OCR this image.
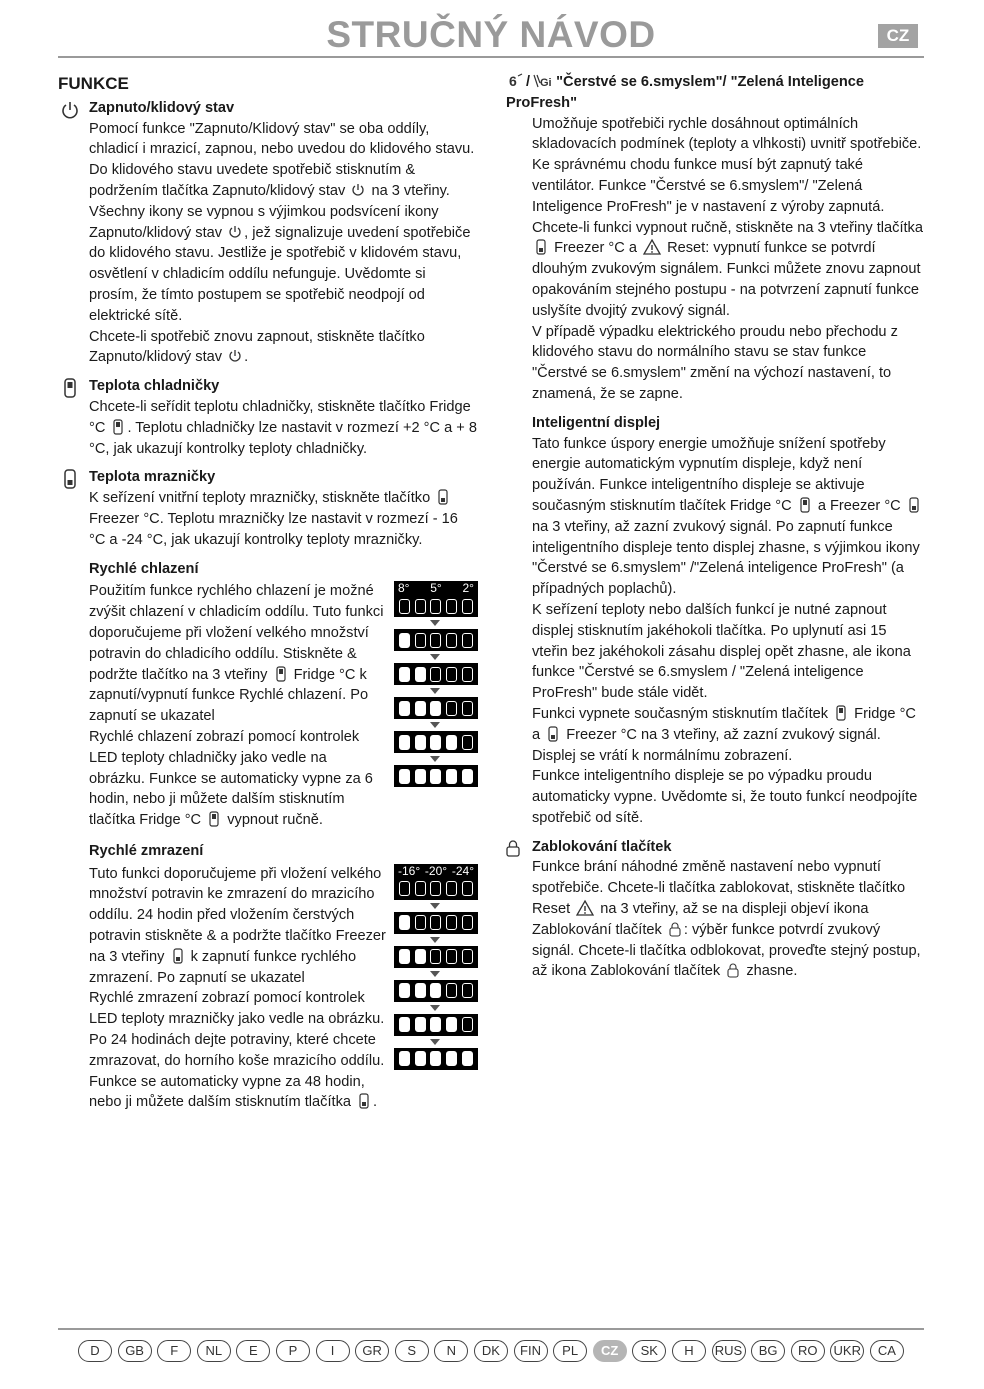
STRUČNÝ NÁVOD	CZ
FUNKCE
Zapnuto/klidový stav

Pomocí funkce "Zapnuto/Klidový stav" se oba oddíly, chladicí i mrazicí, zapnou, nebo uvedou do klidového stavu.

Do klidového stavu uvedete spotřebič stisknutím & podržením tlačítka Zapnuto/klidový stav na 3 vteřiny. Všechny ikony se vypnou s výjimkou podsvícení ikony Zapnuto/klidový stav , jež signalizuje uvedení spotřebiče do klidového stavu. Jestliže je spotřebič v klidovém stavu, osvětlení v chladicím oddílu nefunguje. Uvědomte si prosím, že tímto postupem se spotřebič neodpojí od elektrické sítě.

Chcete-li spotřebič znovu zapnout, stiskněte tlačítko Zapnuto/klidový stav .

Teplota chladničky

Chcete-li seřídit teplotu chladničky, stiskněte tlačítko Fridge °C . Teplotu chladničky lze nastavit v rozmezí +2 °C a + 8 °C, jak ukazují kontrolky teploty chladničky.

Teplota mrazničky

K seřízení vnitřní teploty mrazničky, stiskněte tlačítko  Freezer °C. Teplotu mrazničky lze nastavit v rozmezí - 16 °C a -24 °C, jak ukazují kontrolky teploty mrazničky.

Rychlé chlazení
8° 5° 2°
Použitím funkce rychlého chlazení je možné zvýšit chlazení v chladicím oddílu. Tuto funkci doporučujeme při vložení velkého množství potravin do chladicího oddílu. Stiskněte & podržte tlačítko na 3 vteřiny Fridge °C k zapnutí/vypnutí funkce Rychlé chlazení. Po zapnutí se ukazatel
Rychlé chlazení zobrazí pomocí kontrolek LED teploty chladničky jako vedle na obrázku. Funkce se automaticky vypne za 6 hodin, nebo ji můžete dalším stisknutím tlačítka Fridge °C vypnout ručně.
Rychlé zmrazení
-16° -20° -24°
Tuto funkci doporučujeme při vložení velkého množství potravin ke zmrazení do mrazicího oddílu. 24 hodin před vložením čerstvých potravin stiskněte & a podržte tlačítko Freezer na 3 vteřiny k zapnutí funkce rychlého zmrazení. Po zapnutí se ukazatel
Rychlé zmrazení zobrazí pomocí kontrolek LED teploty mrazničky jako vedle na obrázku. Po 24 hodinách dejte potraviny, které chcete zmrazovat, do horního koše mrazicího oddílu. Funkce se automaticky vypne za 48 hodin, nebo ji můžete dalším stisknutím tlačítka .
6 / Gi "Čerstvé se 6.smyslem"/ "Zelená Inteligence ProFresh"

Umožňuje spotřebiči rychle dosáhnout optimálních skladovacích podmínek (teploty a vlhkosti) uvnitř spotřebiče. Ke správnému chodu funkce musí být zapnutý také ventilátor. Funkce "Čerstvé se 6.smyslem"/ "Zelená Inteligence ProFresh" je v nastavení z výroby zapnutá.

Chcete-li funkci vypnout ručně, stiskněte na 3 vteřiny tlačítka  Freezer °C a Reset: vypnutí funkce se potvrdí dlouhým zvukovým signálem. Funkci můžete znovu zapnout opakováním stejného postupu - na potvrzení zapnutí funkce uslyšíte dvojitý zvukový signál.

V případě výpadku elektrického proudu nebo přechodu z klidového stavu do normálního stavu se stav funkce "Čerstvé se 6.smyslem" změní na výchozí nastavení, to znamená, že se zapne.

Inteligentní displej

Tato funkce úspory energie umožňuje snížení spotřeby energie automatickým vypnutím displeje, když není používán. Funkce inteligentního displeje se aktivuje současným stisknutím tlačítek Fridge °C a Freezer °C  na 3 vteřiny, až zazní zvukový signál. Po zapnutí funkce inteligentního displeje tento displej zhasne, s výjimkou ikony "Čerstvé se 6.smyslem" /"Zelená inteligence ProFresh" (a případných poplachů).

K seřízení teploty nebo dalších funkcí je nutné zapnout displej stisknutím jakéhokoli tlačítka. Po uplynutí asi 15 vteřin bez jakéhokoli zásahu displej opět zhasne, ale ikona funkce "Čerstvé se 6.smyslem / "Zelená inteligence ProFresh" bude stále vidět.

Funkci vypnete současným stisknutím tlačítek Fridge °C a Freezer °C na 3 vteřiny, až zazní zvukový signál. Displej se vrátí k normálnímu zobrazení.

Funkce inteligentního displeje se po výpadku proudu automaticky vypne. Uvědomte si, že touto funkcí neodpojíte spotřebič od sítě.

Zablokování tlačítek

Funkce brání náhodné změně nastavení nebo vypnutí spotřebiče. Chcete-li tlačítka zablokovat, stiskněte tlačítko Reset na 3 vteřiny, až se na displeji objeví ikona Zablokování tlačítek : výběr funkce potvrdí zvukový signál. Chcete-li tlačítka odblokovat, proveďte stejný postup, až ikona Zablokování tlačítek zhasne.

D	GB	F	NL	E	P	I	GR	S	N	DK	FIN	PL	CZ	SK	H	RUS	BG	RO	UKR	CA
